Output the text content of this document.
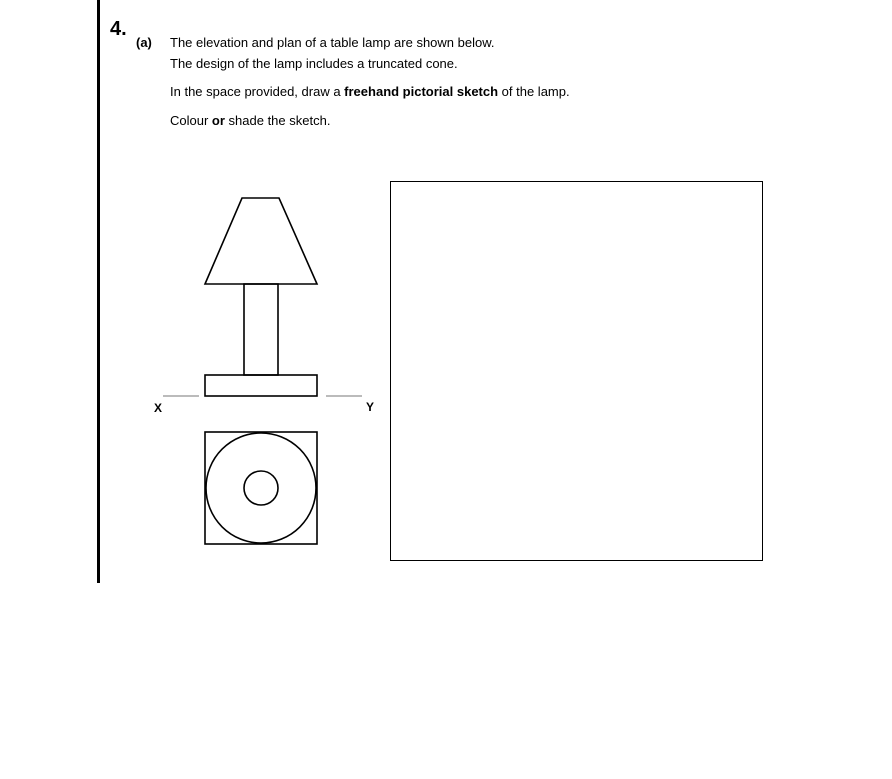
4.
(a) The elevation and plan of a table lamp are shown below.
The design of the lamp includes a truncated cone.
In the space provided, draw a freehand pictorial sketch of the lamp.
Colour or shade the sketch.
X	Y
